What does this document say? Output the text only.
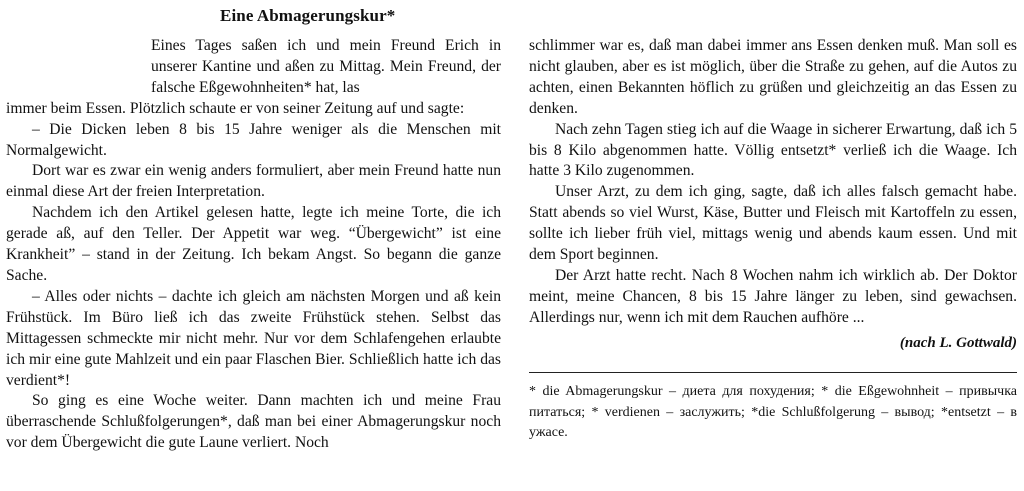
Eine Abmagerungskur*

Eines Tages saßen ich und mein Freund Erich in unserer Kantine und aßen zu Mittag. Mein Freund, der falsche Eßgewohnheiten* hat, las

immer beim Essen. Plötzlich schaute er von seiner Zeitung auf und sagte:

– Die Dicken leben 8 bis 15 Jahre weniger als die Menschen mit Normalgewicht.

Dort war es zwar ein wenig anders formuliert, aber mein Freund hatte nun einmal diese Art der freien Interpretation.

Nachdem ich den Artikel gelesen hatte, legte ich meine Torte, die ich gerade aß, auf den Teller. Der Appetit war weg. “Übergewicht” ist eine Krankheit” – stand in der Zeitung. Ich bekam Angst. So begann die ganze Sache.

– Alles oder nichts – dachte ich gleich am nächsten Morgen und aß kein Frühstück. Im Büro ließ ich das zweite Frühstück stehen. Selbst das Mittagessen schmeckte mir nicht mehr. Nur vor dem Schlafengehen erlaubte ich mir eine gute Mahlzeit und ein paar Flaschen Bier. Schließlich hatte ich das verdient*!

So ging es eine Woche weiter. Dann machten ich und meine Frau überraschende Schlußfolgerungen*, daß man bei einer Abmagerungskur noch vor dem Übergewicht die gute Laune verliert. Noch

schlimmer war es, daß man dabei immer ans Essen denken muß. Man soll es nicht glauben, aber es ist möglich, über die Straße zu gehen, auf die Autos zu achten, einen Bekannten höflich zu grüßen und gleichzeitig an das Essen zu denken.

Nach zehn Tagen stieg ich auf die Waage in sicherer Erwartung, daß ich 5 bis 8 Kilo abgenommen hatte. Völlig entsetzt* verließ ich die Waage. Ich hatte 3 Kilo zugenommen.

Unser Arzt, zu dem ich ging, sagte, daß ich alles falsch gemacht habe. Statt abends so viel Wurst, Käse, Butter und Fleisch mit Kartoffeln zu essen, sollte ich lieber früh viel, mittags wenig und abends kaum essen. Und mit dem Sport beginnen.

Der Arzt hatte recht. Nach 8 Wochen nahm ich wirklich ab. Der Doktor meint, meine Chancen, 8 bis 15 Jahre länger zu leben, sind gewachsen. Allerdings nur, wenn ich mit dem Rauchen aufhöre ...

(nach L. Gottwald)

* die Abmagerungskur – диета для похудения; * die Eßgewohnheit – привычка питаться; * verdienen – заслужить; *die Schlußfolgerung – вывод; *entsetzt – в ужасе.
